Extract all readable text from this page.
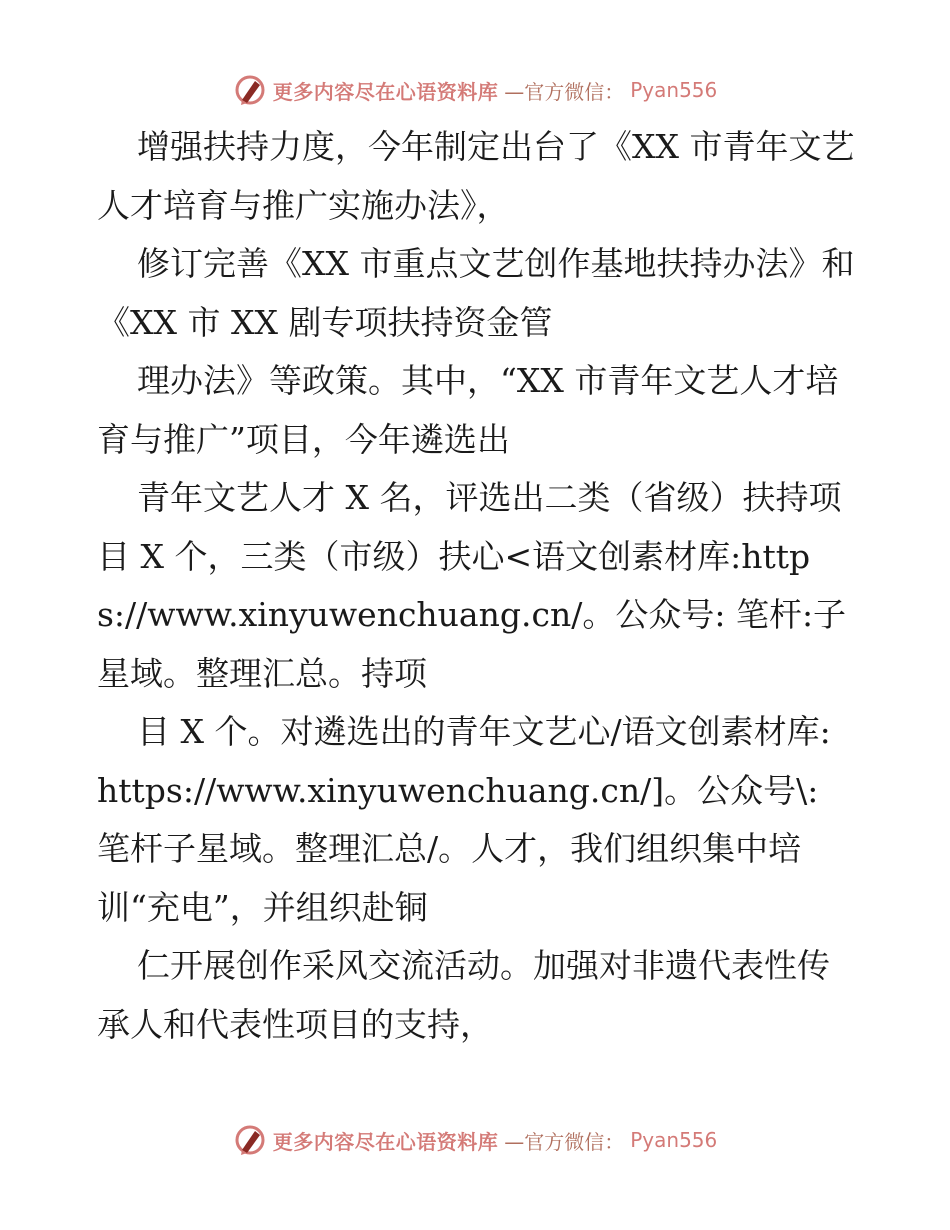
更多内容尽在心语资料库 —官方微信： Pyan556

增强扶持力度，今年制定出台了《XX 市青年文艺人才培育与推广实施办法》，

修订完善《XX 市重点文艺创作基地扶持办法》和《XX 市 XX 剧专项扶持资金管

理办法》等政策。其中，“XX 市青年文艺人才培育与推广”项目，今年遴选出

青年文艺人才 X 名，评选出二类（省级）扶持项目 X 个，三类（市级）扶心<语文创素材库:https://www.xinyuwenchuang.cn/。公众号: 笔杆:子星域。整理汇总。持项

目 X 个。对遴选出的青年文艺心/语文创素材库: https://www.xinyuwenchuang.cn/]。公众号\: 笔杆子星域。整理汇总/。人才，我们组织集中培训“充电”，并组织赴铜

仁开展创作采风交流活动。加强对非遗代表性传承人和代表性项目的支持，

更多内容尽在心语资料库 —官方微信： Pyan556
